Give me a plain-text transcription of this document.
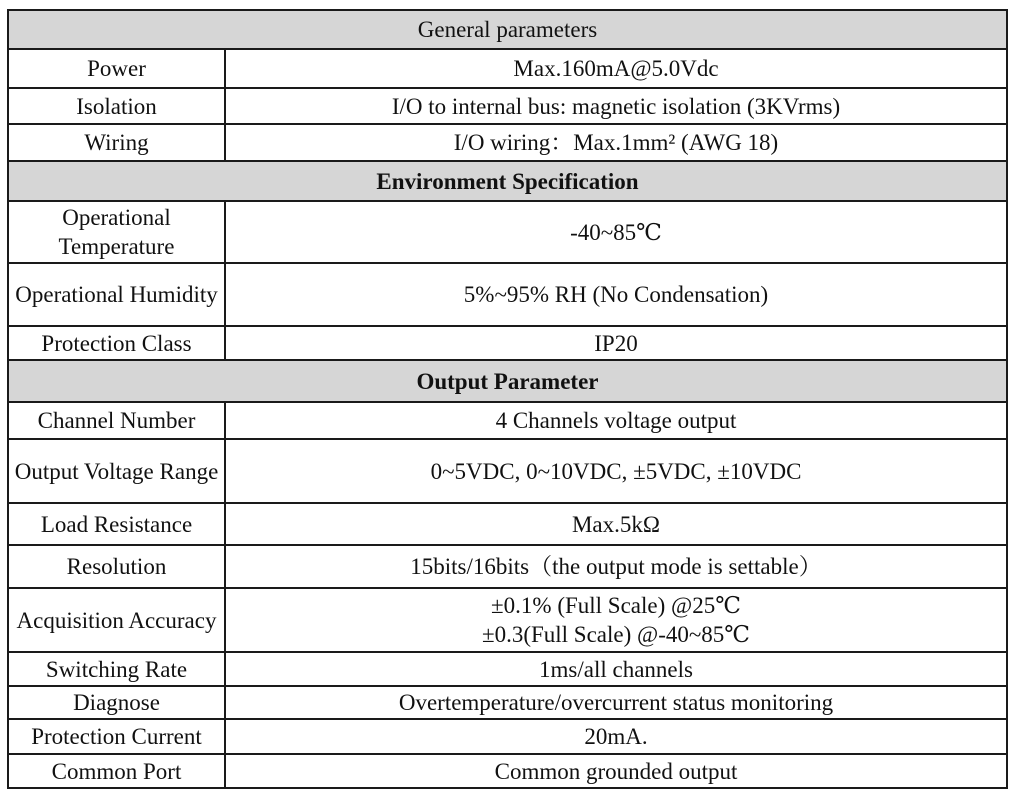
General parameters	
Power	Max.160mA@5.0Vdc
Isolation	I/O to internal bus: magnetic isolation (3KVrms)
Wiring	I/O wiring：Max.1mm² (AWG 18)
Environment Specification	
Operational Temperature	-40~85℃
Operational Humidity	5%~95% RH (No Condensation)
Protection Class	IP20
Output Parameter	
Channel Number	4 Channels voltage output
Output Voltage Range	0~5VDC, 0~10VDC, ±5VDC, ±10VDC
Load Resistance	Max.5kΩ
Resolution	15bits/16bits（the output mode is settable）
Acquisition Accuracy	±0.1% (Full Scale) @25℃
±0.3(Full Scale) @-40~85℃

Switching Rate	1ms/all channels
Diagnose	Overtemperature/overcurrent status monitoring
Protection Current	20mA.
Common Port	Common grounded output
